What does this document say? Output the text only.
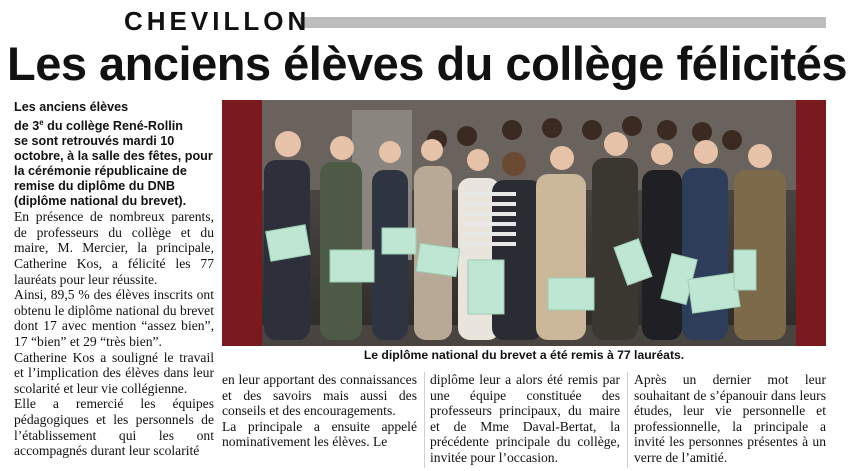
CHEVILLON
Les anciens élèves du collège félicités

Les anciens élèves
de 3e du collège René-Rollin
se sont retrouvés mardi 10 octobre, à la salle des fêtes, pour la cérémonie républicaine de remise du diplôme du DNB (diplôme national du brevet).

En présence de nombreux parents, de professeurs du collège et du maire, M. Mercier, la principale, Catherine Kos, a félicité les 77 lauréats pour leur réussite.

Ainsi, 89,5 % des élèves inscrits ont obtenu le diplôme national du brevet dont 17 avec mention “assez bien”, 17 “bien” et 29 “très bien”.

Catherine Kos a souligné le travail et l’implication des élèves dans leur scolarité et leur vie collégienne.

Elle a remercié les équipes pédagogiques et les personnels de l’établissement qui les ont accompagnés durant leur scolarité

Le diplôme national du brevet a été remis à 77 lauréats.

en leur apportant des connaissances et des savoirs mais aussi des conseils et des encouragements.

La principale a ensuite appelé nominativement les élèves. Le

diplôme leur a alors été remis par une équipe constituée des professeurs principaux, du maire et de Mme Daval-Bertat, la précédente principale du collège, invitée pour l’occasion.

Après un dernier mot leur souhaitant de s’épanouir dans leurs études, leur vie personnelle et professionnelle, la principale a invité les personnes présentes à un verre de l’amitié.
